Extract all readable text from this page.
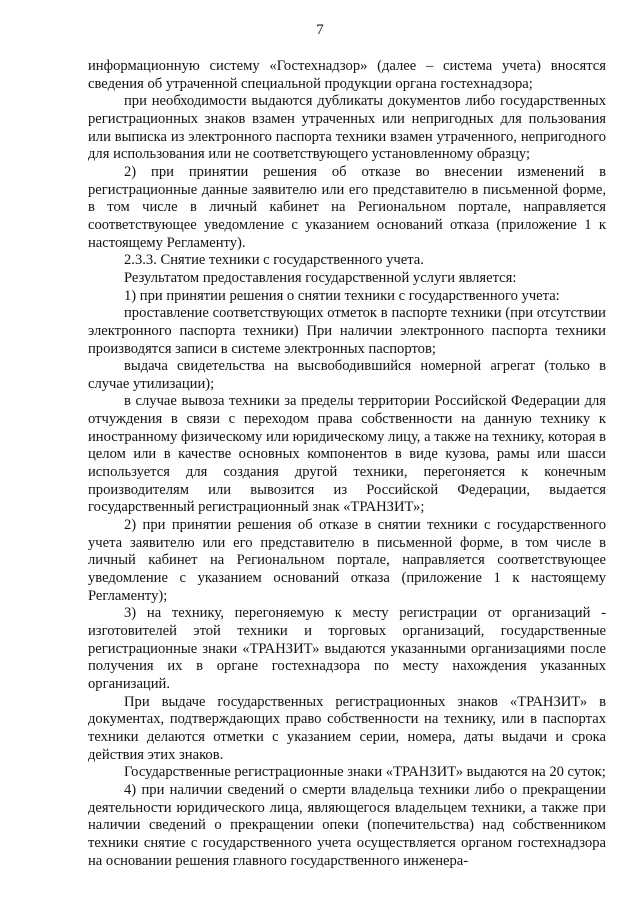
7

информационную систему «Гостехнадзор» (далее – система учета) вносятся сведения об утраченной специальной продукции органа гостехнадзора;

при необходимости выдаются дубликаты документов либо государственных регистрационных знаков взамен утраченных или непригодных для пользования или выписка из электронного паспорта техники взамен утраченного, непригодного для использования или не соответствующего установленному образцу;

2) при принятии решения об отказе во внесении изменений в регистрационные данные заявителю или его представителю в письменной форме, в том числе в личный кабинет на Региональном портале, направляется соответствующее уведомление с указанием оснований отказа (приложение 1 к настоящему Регламенту).

2.3.3. Снятие техники с государственного учета.

Результатом предоставления государственной услуги является:

1) при принятии решения о снятии техники с государственного учета:

проставление соответствующих отметок в паспорте техники (при отсутствии электронного паспорта техники) При наличии электронного паспорта техники производятся записи в системе электронных паспортов;

выдача свидетельства на высвободившийся номерной агрегат (только в случае утилизации);

в случае вывоза техники за пределы территории Российской Федерации для отчуждения в связи с переходом права собственности на данную технику к иностранному физическому или юридическому лицу, а также на технику, которая в целом или в качестве основных компонентов в виде кузова, рамы или шасси используется для создания другой техники, перегоняется к конечным производителям или вывозится из Российской Федерации, выдается государственный регистрационный знак «ТРАНЗИТ»;

2) при принятии решения об отказе в снятии техники с государственного учета заявителю или его представителю в письменной форме, в том числе в личный кабинет на Региональном портале, направляется соответствующее уведомление с указанием оснований отказа (приложение 1 к настоящему Регламенту);

3) на технику, перегоняемую к месту регистрации от организаций - изготовителей этой техники и торговых организаций, государственные регистрационные знаки «ТРАНЗИТ» выдаются указанными организациями после получения их в органе гостехнадзора по месту нахождения указанных организаций.

При выдаче государственных регистрационных знаков «ТРАНЗИТ» в документах, подтверждающих право собственности на технику, или в паспортах техники делаются отметки с указанием серии, номера, даты выдачи и срока действия этих знаков.

Государственные регистрационные знаки «ТРАНЗИТ» выдаются на 20 суток;

4) при наличии сведений о смерти владельца техники либо о прекращении деятельности юридического лица, являющегося владельцем техники, а также при наличии сведений о прекращении опеки (попечительства) над собственником техники снятие с государственного учета осуществляется органом гостехнадзора на основании решения главного государственного инженера-
